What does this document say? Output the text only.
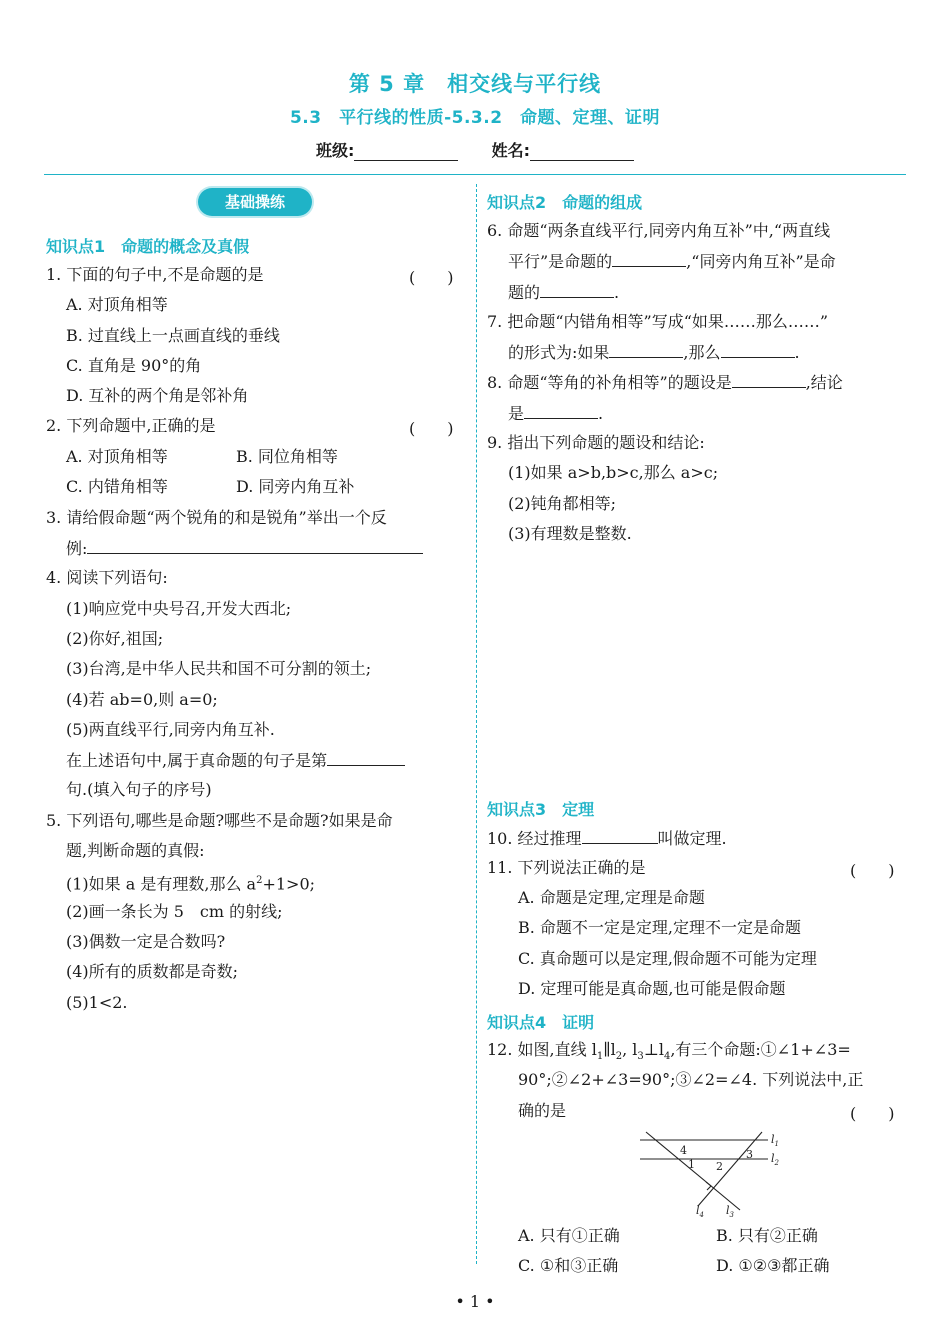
第 5 章　相交线与平行线
5.3　平行线的性质-5.3.2　命题、定理、证明
班级:	姓名:
基础操练
知识点1　命题的概念及真假
1. 下面的句子中,不是命题的是	(　　)
A. 对顶角相等
B. 过直线上一点画直线的垂线
C. 直角是 90°的角
D. 互补的两个角是邻补角
2. 下列命题中,正确的是	(　　)
A. 对顶角相等	B. 同位角相等
C. 内错角相等	D. 同旁内角互补
3. 请给假命题“两个锐角的和是锐角”举出一个反
例:
4. 阅读下列语句:
(1)响应党中央号召,开发大西北;
(2)你好,祖国;
(3)台湾,是中华人民共和国不可分割的领土;
(4)若 ab=0,则 a=0;
(5)两直线平行,同旁内角互补.
在上述语句中,属于真命题的句子是第
句.(填入句子的序号)
5. 下列语句,哪些是命题?哪些不是命题?如果是命
题,判断命题的真假:
(1)如果 a 是有理数,那么 $a^2+1>0$;
(2)画一条长为 5　cm 的射线;
(3)偶数一定是合数吗?
(4)所有的质数都是奇数;
(5)1<2.
知识点2　命题的组成
6. 命题“两条直线平行,同旁内角互补”中,“两直线
平行”是命题的	,“同旁内角互补”是命
题的	.
7. 把命题“内错角相等”写成“如果……那么……”
的形式为:如果	,那么	.
8. 命题“等角的补角相等”的题设是	,结论
是	.
9. 指出下列命题的题设和结论:
(1)如果 a>b,b>c,那么 a>c;
(2)钝角都相等;
(3)有理数是整数.
知识点3　定理
10. 经过推理	叫做定理.
11. 下列说法正确的是	(　　)
A. 命题是定理,定理是命题
B. 命题不一定是定理,定理不一定是命题
C. 真命题可以是定理,假命题不可能为定理
D. 定理可能是真命题,也可能是假命题
知识点4　证明
12. 如图,直线 $l_1\parallel l_2$, $l_3\perp l_4$,有三个命题:①∠1+∠3=
90°;②∠2+∠3=90°;③∠2=∠4. 下列说法中,正
确的是	(　　)
$l_1$
$l_2$
$l_4$ $l_3$
4
1 2
3
A. 只有①正确	B. 只有②正确
C. ①和③正确	D. ①②③都正确
• 1 •
